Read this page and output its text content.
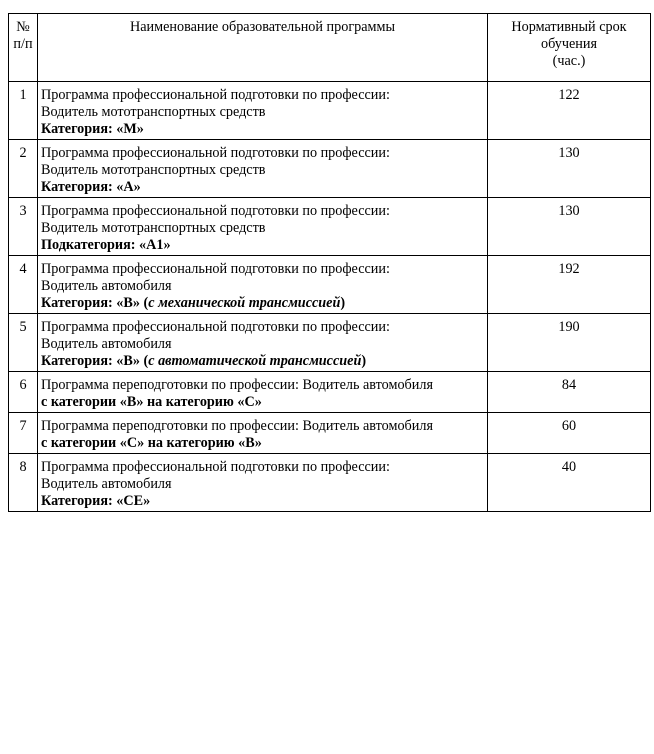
№
п/п	Наименование образовательной программы	Нормативный срок
обучения
(час.)

1	Программа профессиональной подготовки по профессии:
Водитель мототранспортных средств
Категория: «М»	122
2	Программа профессиональной подготовки по профессии:
Водитель мототранспортных средств
Категория: «А»	130
3	Программа профессиональной подготовки по профессии:
Водитель мототранспортных средств
Подкатегория: «А1»	130
4	Программа профессиональной подготовки по профессии:
Водитель автомобиля
Категория: «В» (с механической трансмиссией)	192
5	Программа профессиональной подготовки по профессии:
Водитель автомобиля
Категория: «В» (с автоматической трансмиссией)	190
6	Программа переподготовки по профессии: Водитель автомобиля
с категории «В» на категорию «С»	84
7	Программа переподготовки по профессии: Водитель автомобиля
с категории «С» на категорию «В»	60
8	Программа профессиональной подготовки по профессии:
Водитель автомобиля
Категория: «СЕ»	40
